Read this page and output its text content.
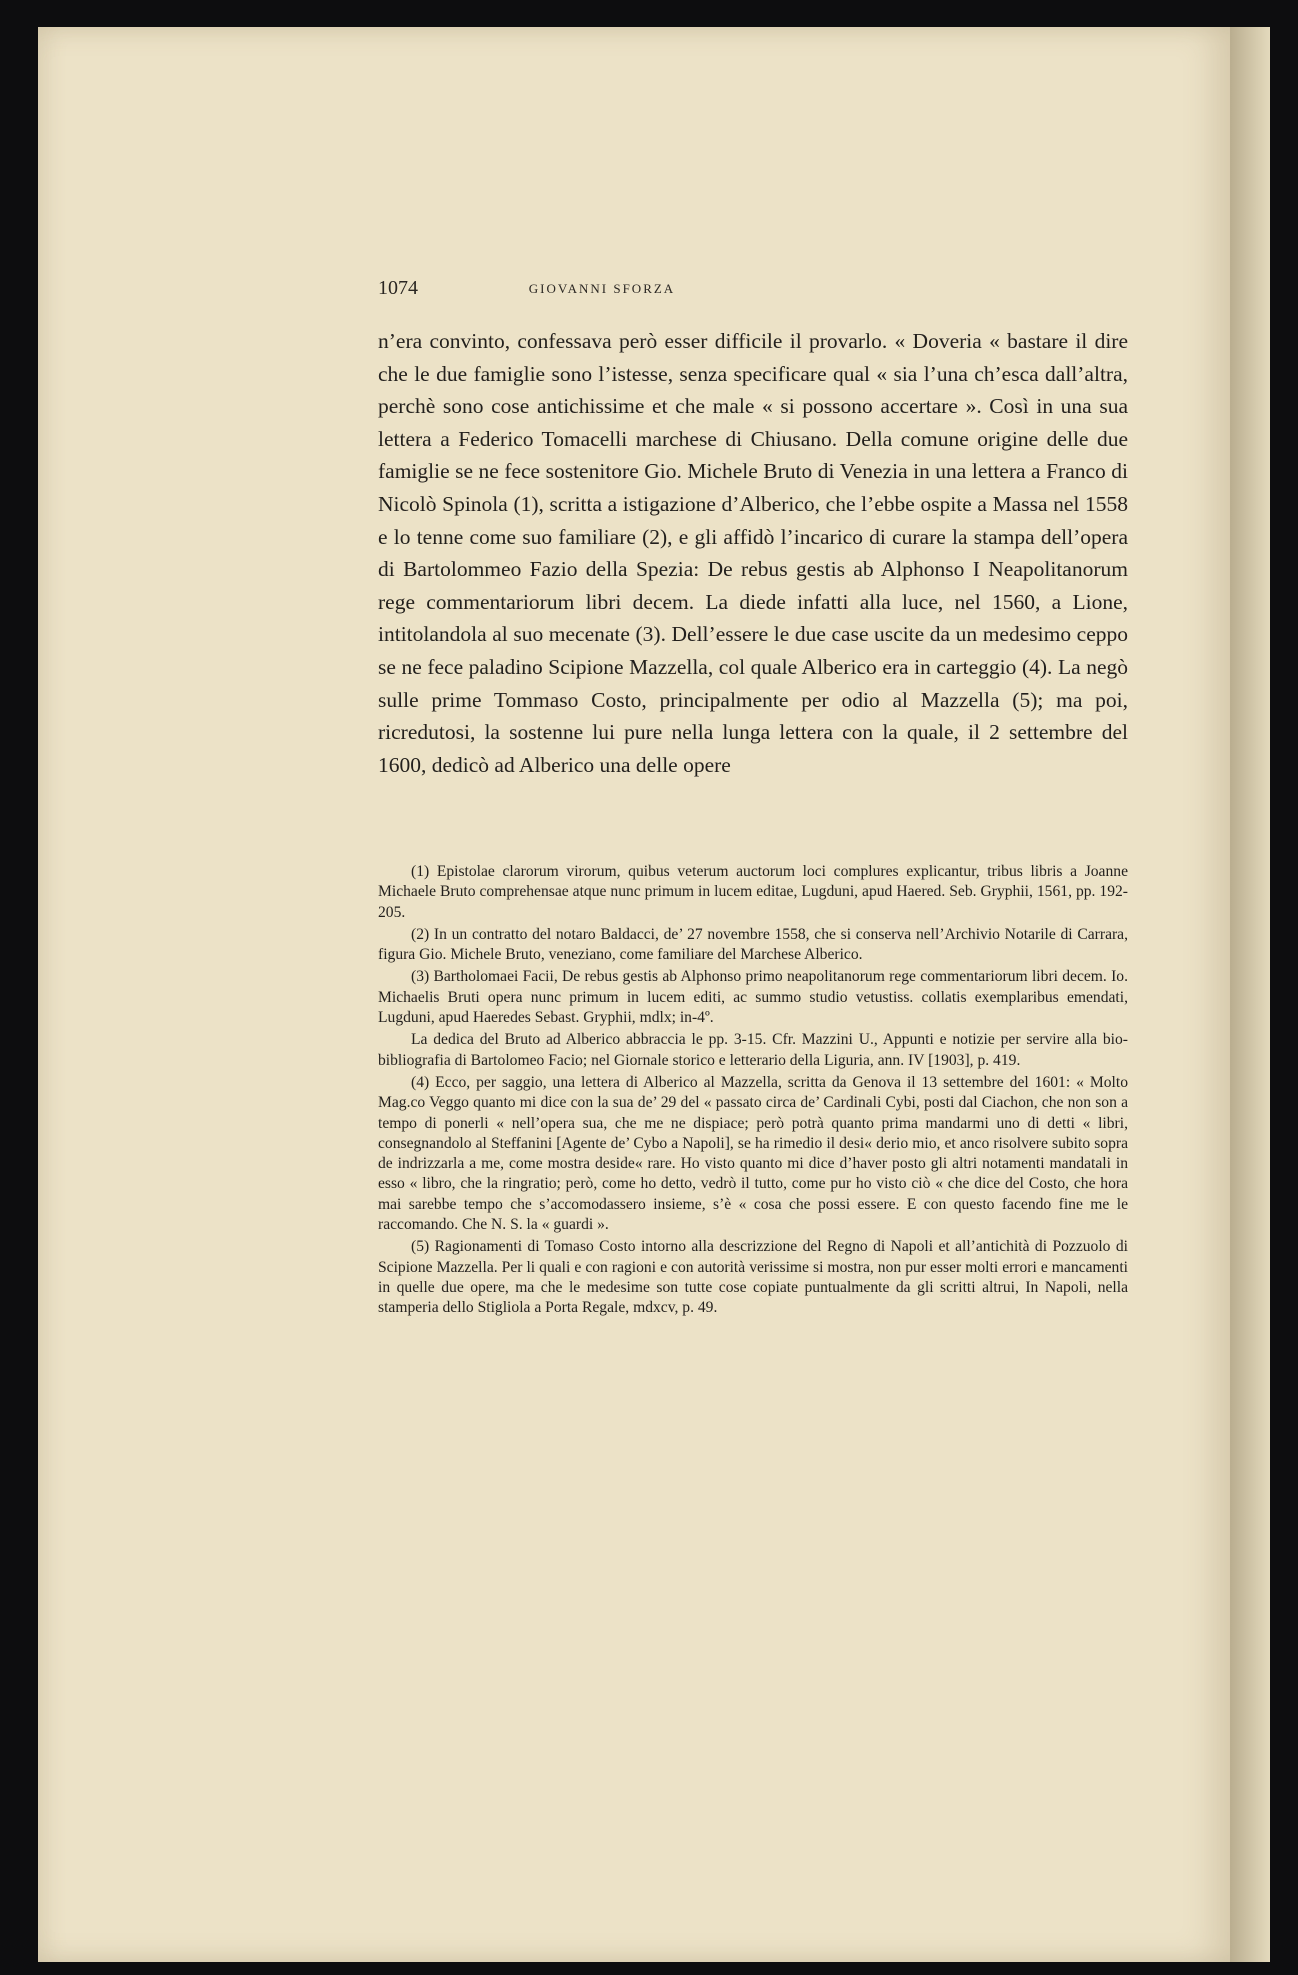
1074	GIOVANNI SFORZA

n’era convinto, confessava però esser difficile il provarlo. « Doveria « bastare il dire che le due famiglie sono l’istesse, senza specificare qual « sia l’una ch’esca dall’altra, perchè sono cose antichissime et che male « si possono accertare ». Così in una sua lettera a Federico Tomacelli marchese di Chiusano. Della comune origine delle due famiglie se ne fece sostenitore Gio. Michele Bruto di Venezia in una lettera a Franco di Nicolò Spinola (1), scritta a istigazione d’Alberico, che l’ebbe ospite a Massa nel 1558 e lo tenne come suo familiare (2), e gli affidò l’incarico di curare la stampa dell’opera di Bartolommeo Fazio della Spezia: De rebus gestis ab Alphonso I Neapolitanorum rege commentariorum libri decem. La diede infatti alla luce, nel 1560, a Lione, intitolandola al suo mecenate (3). Dell’essere le due case uscite da un medesimo ceppo se ne fece paladino Scipione Mazzella, col quale Alberico era in carteggio (4). La negò sulle prime Tommaso Costo, principalmente per odio al Mazzella (5); ma poi, ricredutosi, la sostenne lui pure nella lunga lettera con la quale, il 2 settembre del 1600, dedicò ad Alberico una delle opere

(1) Epistolae clarorum virorum, quibus veterum auctorum loci complures explicantur, tribus libris a Joanne Michaele Bruto comprehensae atque nunc primum in lucem editae, Lugduni, apud Haered. Seb. Gryphii, 1561, pp. 192-205.

(2) In un contratto del notaro Baldacci, de’ 27 novembre 1558, che si conserva nell’Archivio Notarile di Carrara, figura Gio. Michele Bruto, veneziano, come familiare del Marchese Alberico.

(3) Bartholomaei Facii, De rebus gestis ab Alphonso primo neapolitanorum rege commentariorum libri decem. Io. Michaelis Bruti opera nunc primum in lucem editi, ac summo studio vetustiss. collatis exemplaribus emendati, Lugduni, apud Haeredes Sebast. Gryphii, mdlx; in-4º.

La dedica del Bruto ad Alberico abbraccia le pp. 3-15. Cfr. Mazzini U., Appunti e notizie per servire alla bio-bibliografia di Bartolomeo Facio; nel Giornale storico e letterario della Liguria, ann. IV [1903], p. 419.

(4) Ecco, per saggio, una lettera di Alberico al Mazzella, scritta da Genova il 13 settembre del 1601: « Molto Mag.co Veggo quanto mi dice con la sua de’ 29 del « passato circa de’ Cardinali Cybi, posti dal Ciachon, che non son a tempo di ponerli « nell’opera sua, che me ne dispiace; però potrà quanto prima mandarmi uno di detti « libri, consegnandolo al Steffanini [Agente de’ Cybo a Napoli], se ha rimedio il desi« derio mio, et anco risolvere subito sopra de indrizzarla a me, come mostra deside« rare. Ho visto quanto mi dice d’haver posto gli altri notamenti mandatali in esso « libro, che la ringratio; però, come ho detto, vedrò il tutto, come pur ho visto ciò « che dice del Costo, che hora mai sarebbe tempo che s’accomodassero insieme, s’è « cosa che possi essere. E con questo facendo fine me le raccomando. Che N. S. la « guardi ».

(5) Ragionamenti di Tomaso Costo intorno alla descrizzione del Regno di Napoli et all’antichità di Pozzuolo di Scipione Mazzella. Per li quali e con ragioni e con autorità verissime si mostra, non pur esser molti errori e mancamenti in quelle due opere, ma che le medesime son tutte cose copiate puntualmente da gli scritti altrui, In Napoli, nella stamperia dello Stigliola a Porta Regale, mdxcv, p. 49.
